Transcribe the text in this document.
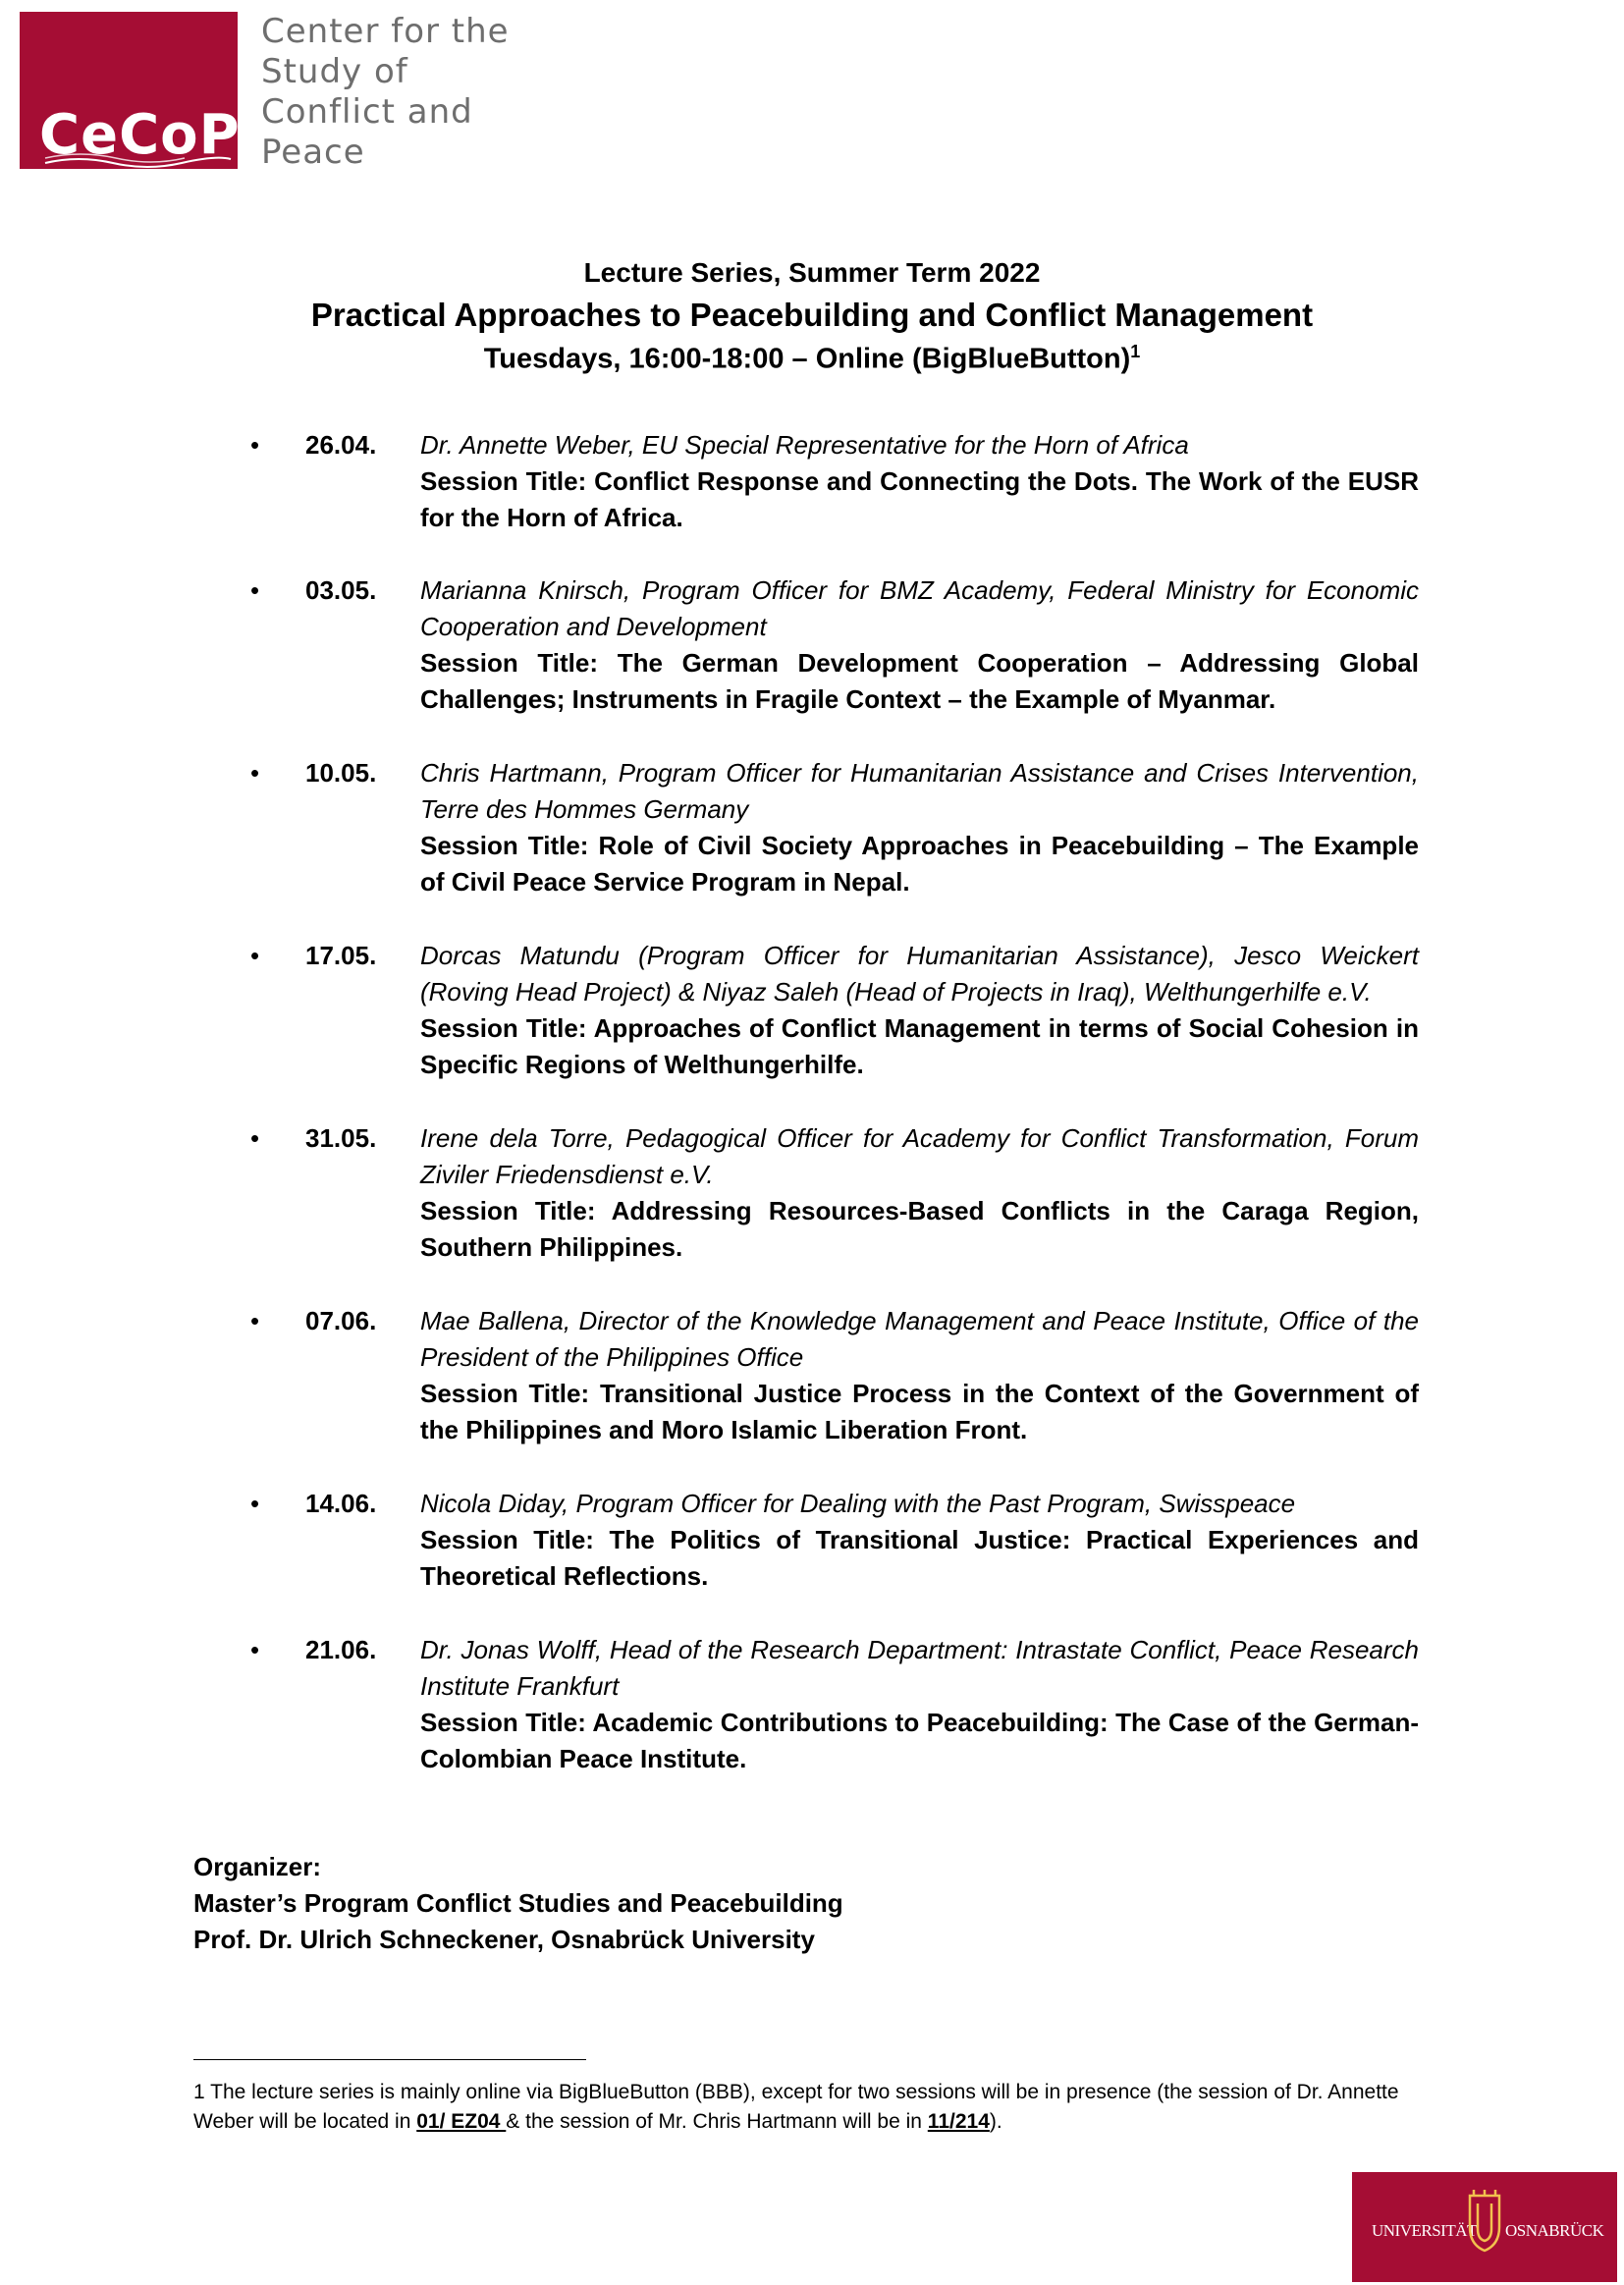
CeCoP
Center for the
Study of
Conflict and
Peace
Lecture Series, Summer Term 2022
Practical Approaches to Peacebuilding and Conflict Management
Tuesdays, 16:00-18:00 – Online (BigBlueButton)$^1$
• 26.04. Dr. Annette Weber, EU Special Representative for the Horn of Africa
Session Title: Conflict Response and Connecting the Dots. The Work of the EUSR for the Horn of Africa.
• 03.05. Marianna Knirsch, Program Officer for BMZ Academy, Federal Ministry for Economic Cooperation and Development
Session Title: The German Development Cooperation – Addressing Global Challenges; Instruments in Fragile Context – the Example of Myanmar.
• 10.05. Chris Hartmann, Program Officer for Humanitarian Assistance and Crises Intervention, Terre des Hommes Germany
Session Title: Role of Civil Society Approaches in Peacebuilding – The Example of Civil Peace Service Program in Nepal.
• 17.05. Dorcas Matundu (Program Officer for Humanitarian Assistance), Jesco Weickert (Roving Head Project) & Niyaz Saleh (Head of Projects in Iraq), Welthungerhilfe e.V.
Session Title: Approaches of Conflict Management in terms of Social Cohesion in Specific Regions of Welthungerhilfe.
• 31.05. Irene dela Torre, Pedagogical Officer for Academy for Conflict Transformation, Forum Ziviler Friedensdienst e.V.
Session Title: Addressing Resources-Based Conflicts in the Caraga Region, Southern Philippines.
• 07.06. Mae Ballena, Director of the Knowledge Management and Peace Institute, Office of the President of the Philippines Office
Session Title: Transitional Justice Process in the Context of the Government of the Philippines and Moro Islamic Liberation Front.
• 14.06. Nicola Diday, Program Officer for Dealing with the Past Program, Swisspeace
Session Title: The Politics of Transitional Justice: Practical Experiences and Theoretical Reflections.
• 21.06. Dr. Jonas Wolff, Head of the Research Department: Intrastate Conflict, Peace Research Institute Frankfurt
Session Title: Academic Contributions to Peacebuilding: The Case of the German-Colombian Peace Institute.
Organizer:
Master’s Program Conflict Studies and Peacebuilding
Prof. Dr. Ulrich Schneckener, Osnabrück University
1 The lecture series is mainly online via BigBlueButton (BBB), except for two sessions will be in presence (the session of Dr. Annette Weber will be located in 01/ EZ04 & the session of Mr. Chris Hartmann will be in 11/214).
UNIVERSITÄT OSNABRÜCK
